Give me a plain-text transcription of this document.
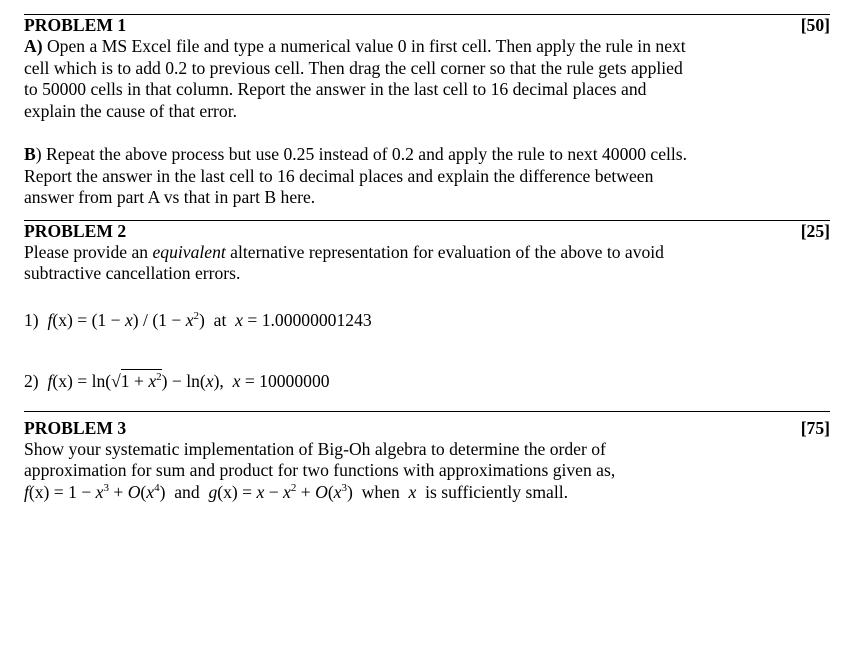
PROBLEM 1	[50]
A) Open a MS Excel file and type a numerical value 0 in first cell. Then apply the rule in next
cell which is to add 0.2 to previous cell. Then drag the cell corner so that the rule gets applied
to 50000 cells in that column. Report the answer in the last cell to 16 decimal places and
explain the cause of that error.
B) Repeat the above process but use 0.25 instead of 0.2 and apply the rule to next 40000 cells.
Report the answer in the last cell to 16 decimal places and explain the difference between
answer from part A vs that in part B here.
PROBLEM 2	[25]
Please provide an equivalent alternative representation for evaluation of the above to avoid
subtractive cancellation errors.
1) $f(x) = (1 - x) / (1 - x^2)$ at x = 1.00000001243
2) $f(x) = \ln(√1 + x^2) - \ln(x)$, x = 10000000
PROBLEM 3	[75]
Show your systematic implementation of Big-Oh algebra to determine the order of
approximation for sum and product for two functions with approximations given as,
$f(x) = 1 - x^3 + O(x^4)$ and $g(x) = x - x^2 + O(x^3)$ when x is sufficiently small.
